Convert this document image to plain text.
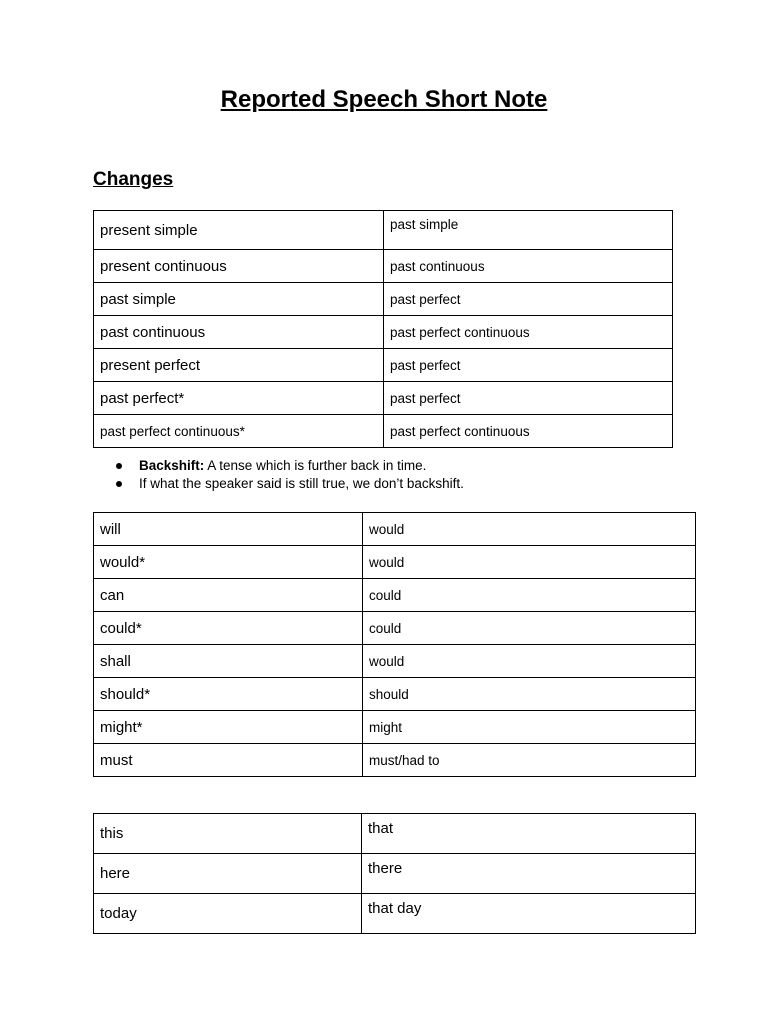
Reported Speech Short Note
Changes
present simple	past simple
present continuous	past continuous
past simple	past perfect
past continuous	past perfect continuous
present perfect	past perfect
past perfect*	past perfect
past perfect continuous*	past perfect continuous
Backshift: A tense which is further back in time.
If what the speaker said is still true, we don’t backshift.
will	would
would*	would
can	could
could*	could
shall	would
should*	should
might*	might
must	must/had to
this	that
here	there
today	that day
